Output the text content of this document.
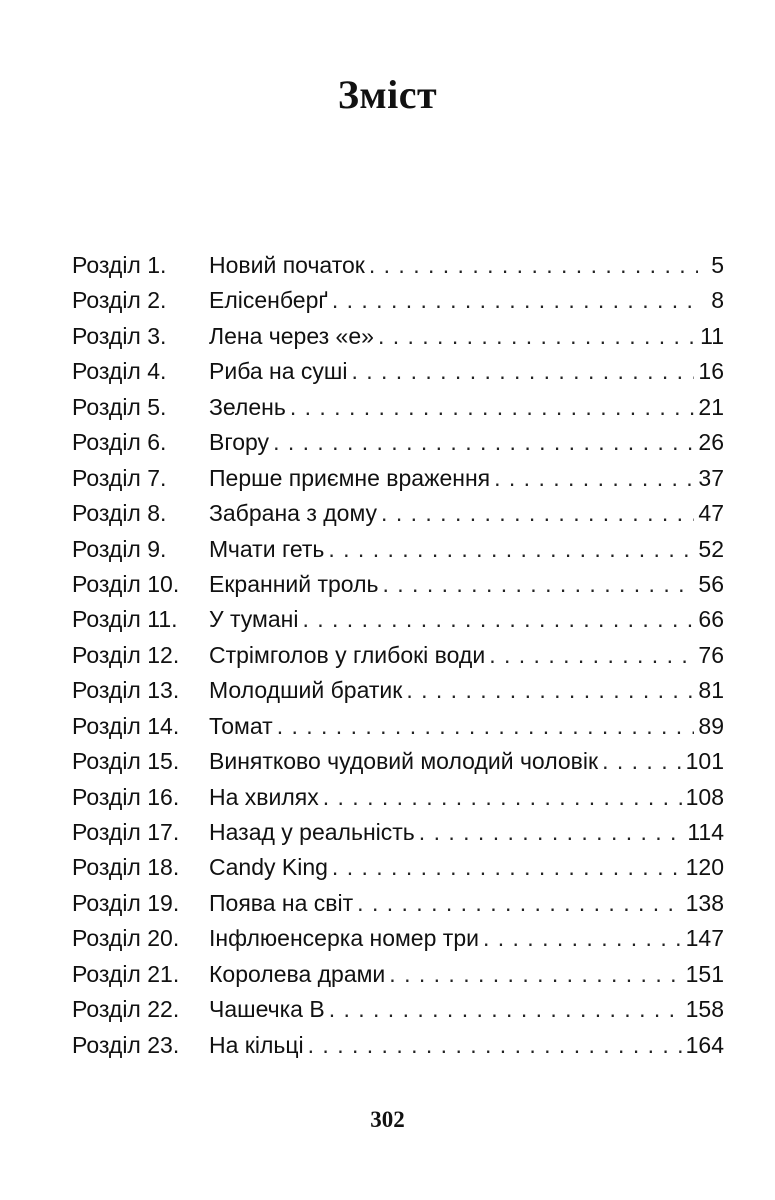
Зміст
Розділ 1.	Новий початок . . .	5
Розділ 2.	Елісенберґ . . .	8
Розділ 3.	Лена через «е» . . .	11
Розділ 4.	Риба на суші . . .	16
Розділ 5.	Зелень . . .	21
Розділ 6.	Вгору . . .	26
Розділ 7.	Перше приємне враження . . .	37
Розділ 8.	Забрана з дому . . .	47
Розділ 9.	Мчати геть . . .	52
Розділ 10.	Екранний троль . . .	56
Розділ 11.	У тумані . . .	66
Розділ 12.	Стрімголов у глибокі води . . .	76
Розділ 13.	Молодший братик . . .	81
Розділ 14.	Томат . . .	89
Розділ 15.	Винятково чудовий молодий чоловік . . .	101
Розділ 16.	На хвилях . . .	108
Розділ 17.	Назад у реальність . . .	114
Розділ 18.	Candy King . . .	120
Розділ 19.	Поява на світ . . .	138
Розділ 20.	Інфлюенсерка номер три . . .	147
Розділ 21.	Королева драми . . .	151
Розділ 22.	Чашечка В . . .	158
Розділ 23.	На кільці . . .	164
302
